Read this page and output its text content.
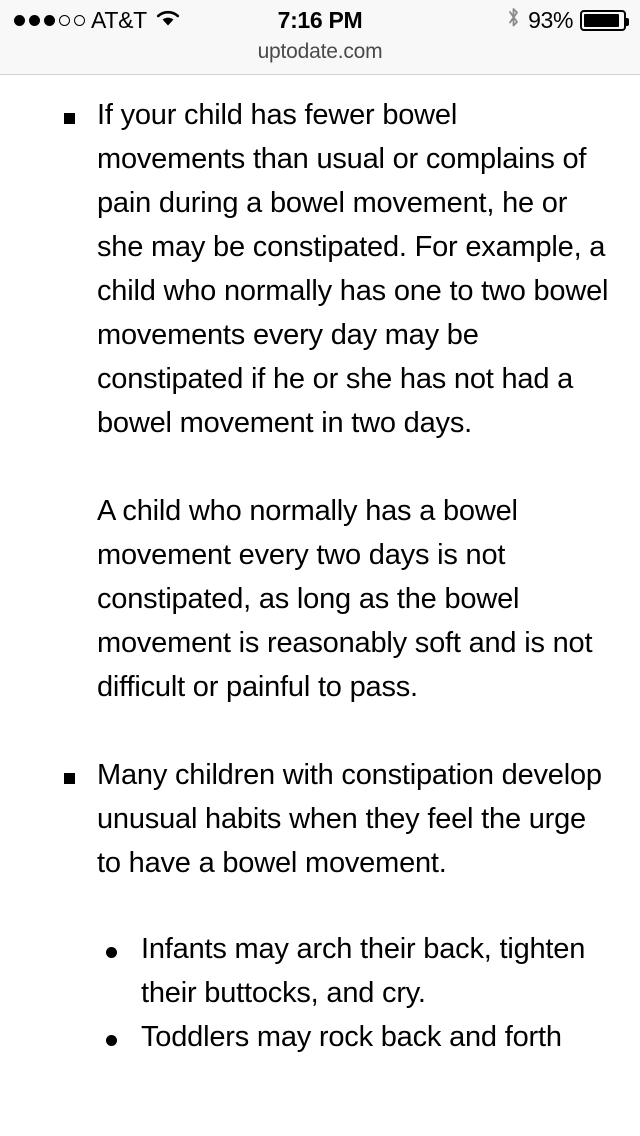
AT&T	7:16 PM	93%
uptodate.com

If your child has fewer bowel movements than usual or complains of pain during a bowel movement, he or she may be constipated. For example, a child who normally has one to two bowel movements every day may be constipated if he or she has not had a bowel movement in two days.

A child who normally has a bowel movement every two days is not constipated, as long as the bowel movement is reasonably soft and is not difficult or painful to pass.

Many children with constipation develop unusual habits when they feel the urge to have a bowel movement.

Infants may arch their back, tighten their buttocks, and cry.

Toddlers may rock back and forth
